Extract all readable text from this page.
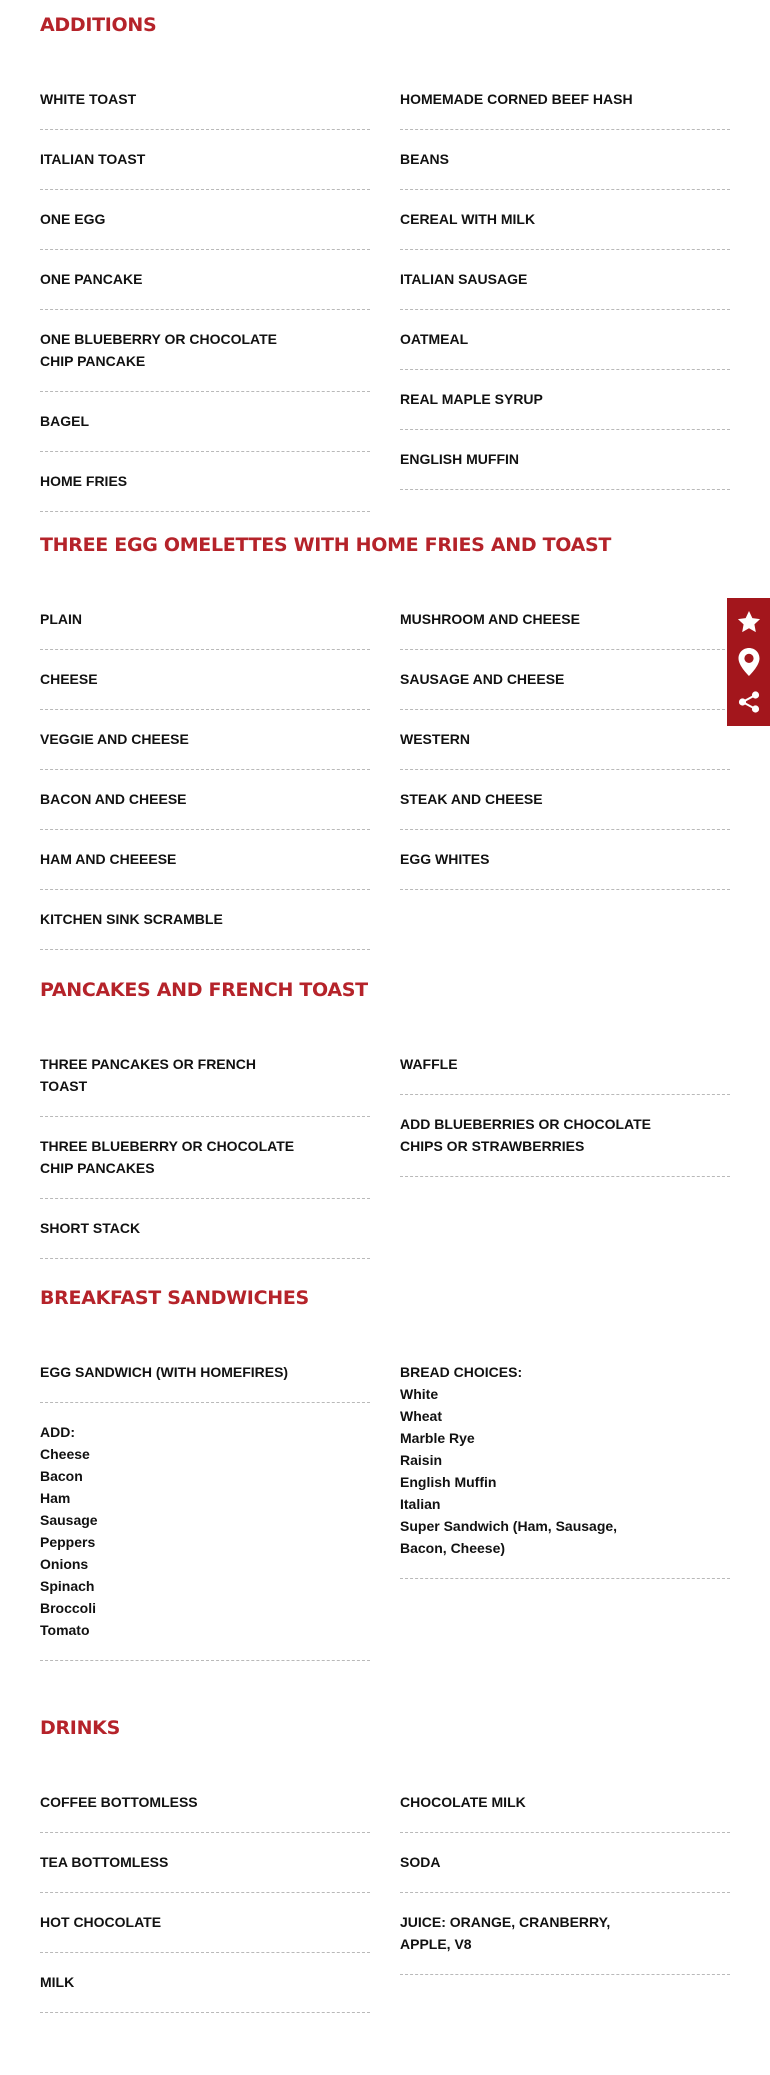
ADDITIONS
WHITE TOAST
ITALIAN TOAST
ONE EGG
ONE PANCAKE
ONE BLUEBERRY OR CHOCOLATE CHIP PANCAKE
BAGEL
HOME FRIES
HOMEMADE CORNED BEEF HASH
BEANS
CEREAL WITH MILK
ITALIAN SAUSAGE
OATMEAL
REAL MAPLE SYRUP
ENGLISH MUFFIN
THREE EGG OMELETTES WITH HOME FRIES AND TOAST
PLAIN
CHEESE
VEGGIE AND CHEESE
BACON AND CHEESE
HAM AND CHEEESE
KITCHEN SINK SCRAMBLE
MUSHROOM AND CHEESE
SAUSAGE AND CHEESE
WESTERN
STEAK AND CHEESE
EGG WHITES
PANCAKES AND FRENCH TOAST
THREE PANCAKES OR FRENCH TOAST
THREE BLUEBERRY OR CHOCOLATE CHIP PANCAKES
SHORT STACK
WAFFLE
ADD BLUEBERRIES OR CHOCOLATE CHIPS OR STRAWBERRIES
BREAKFAST SANDWICHES
EGG SANDWICH (WITH HOMEFIRES)
ADD:
Cheese
Bacon
Ham
Sausage
Peppers
Onions
Spinach
Broccoli
Tomato
BREAD CHOICES:
White
Wheat
Marble Rye
Raisin
English Muffin
Italian
Super Sandwich (Ham, Sausage, Bacon, Cheese)
DRINKS
COFFEE BOTTOMLESS
TEA BOTTOMLESS
HOT CHOCOLATE
MILK
CHOCOLATE MILK
SODA
JUICE: ORANGE, CRANBERRY, APPLE, V8
